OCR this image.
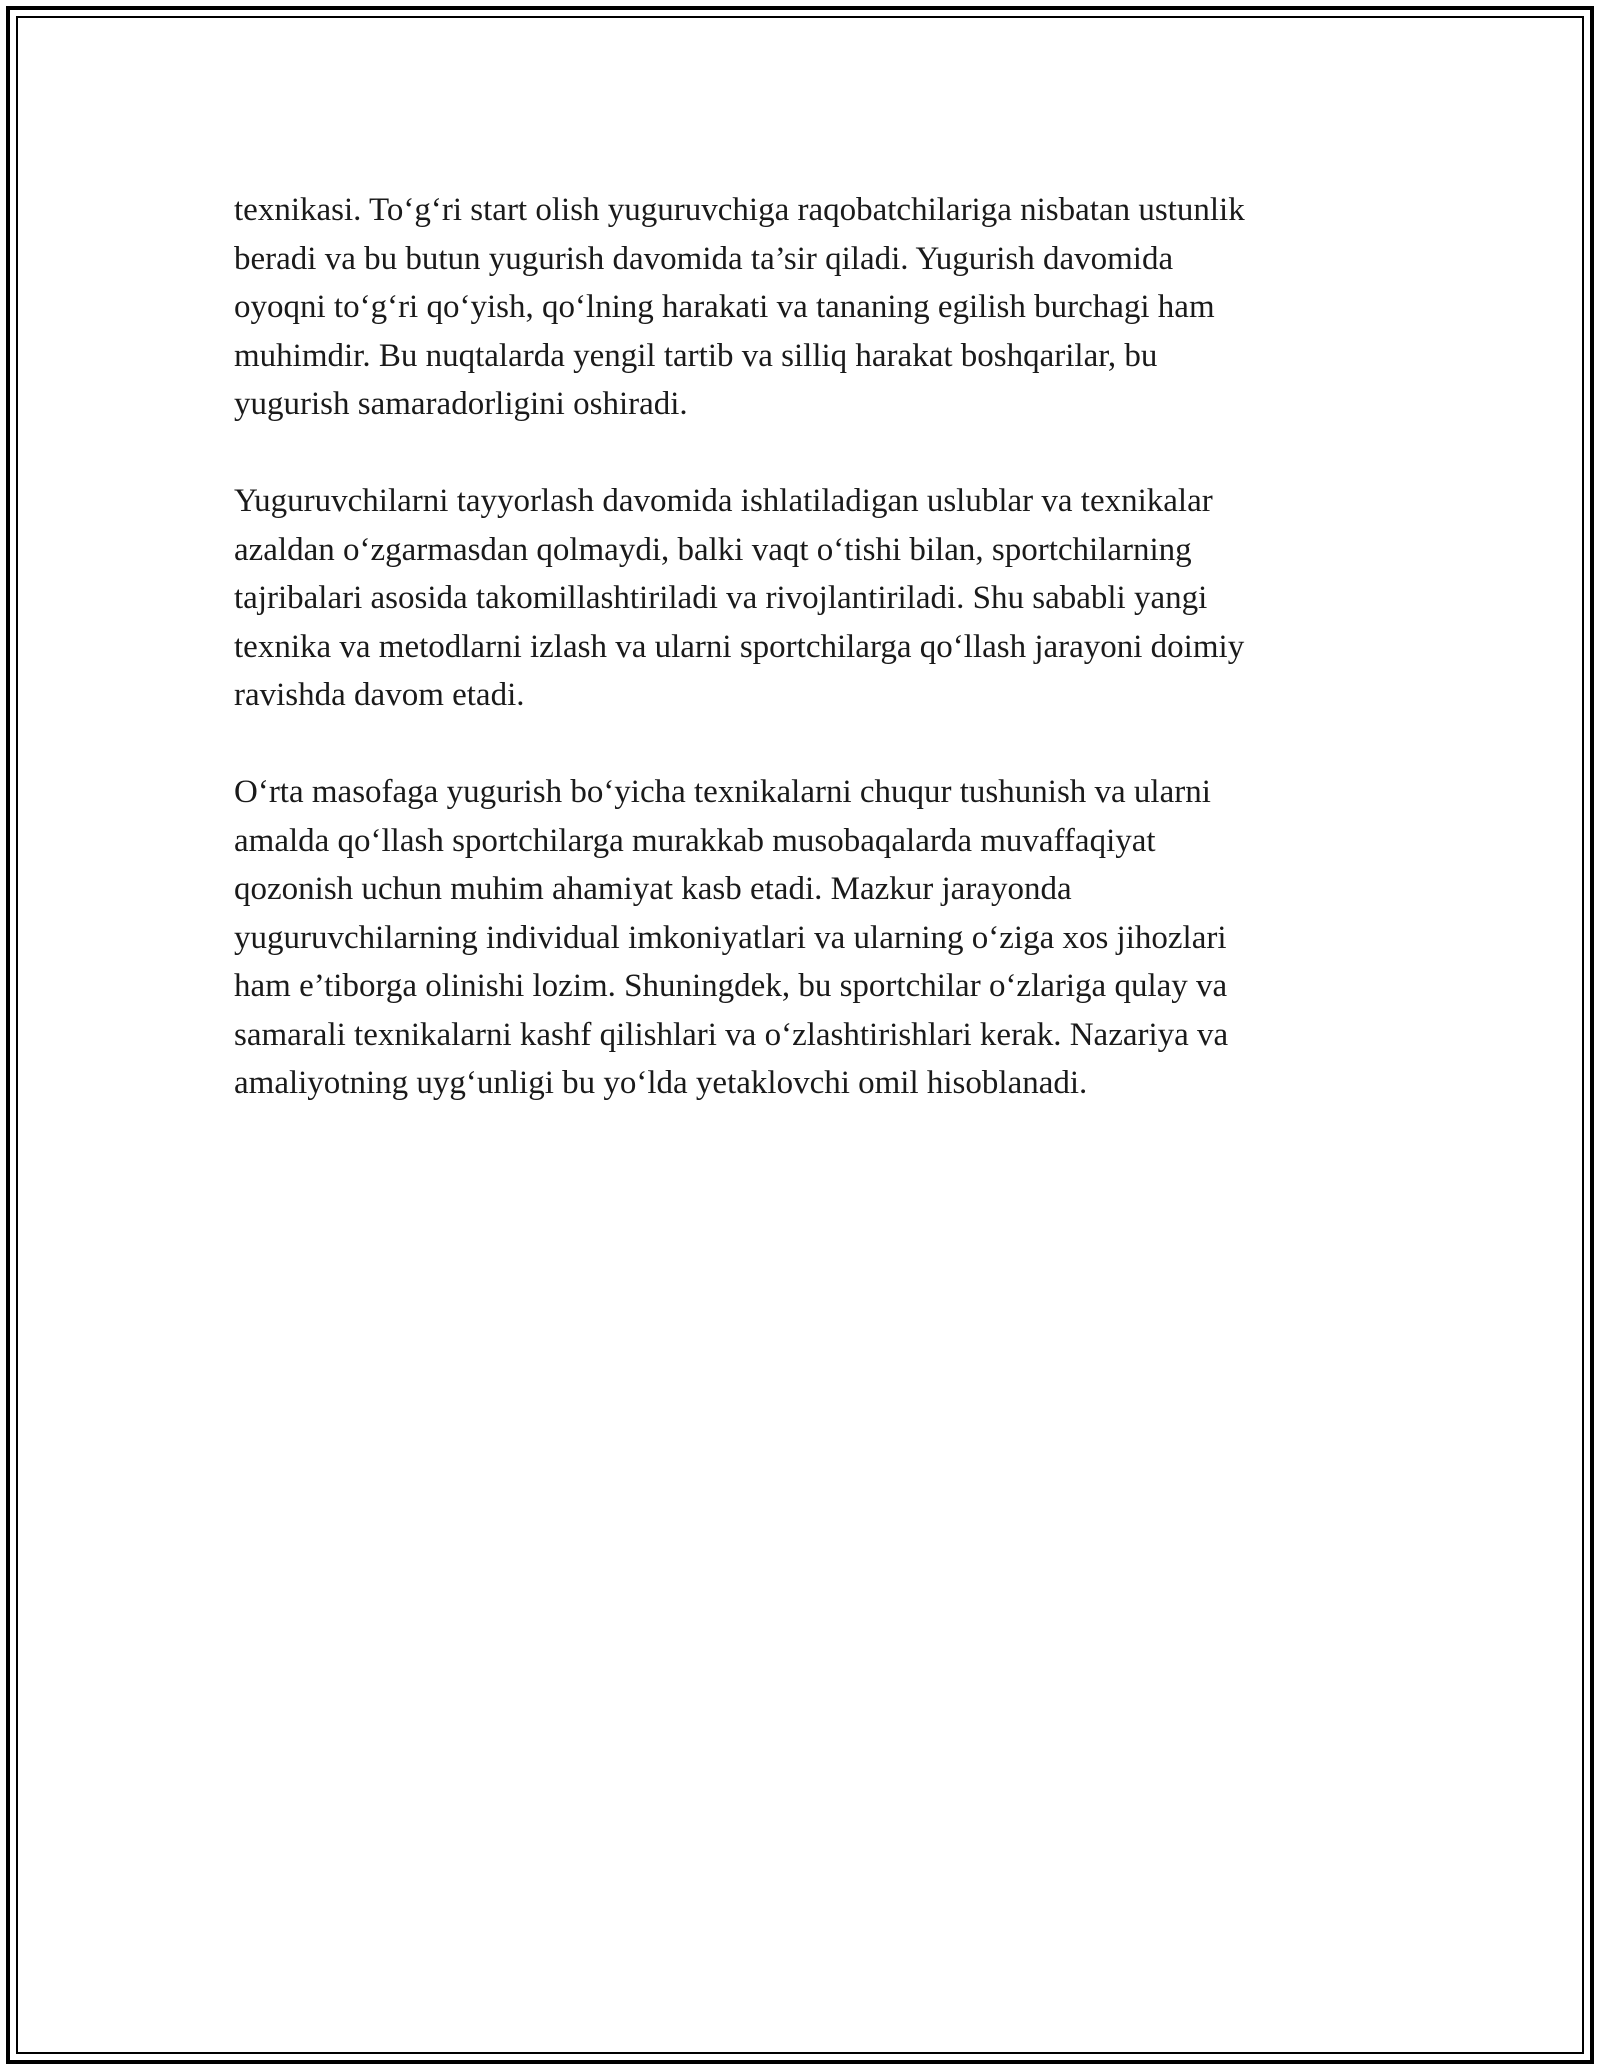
texnikasi. To‘g‘ri start olish yuguruvchiga raqobatchilariga nisbatan ustunlik
beradi va bu butun yugurish davomida ta’sir qiladi. Yugurish davomida
oyoqni to‘g‘ri qo‘yish, qo‘lning harakati va tananing egilish burchagi ham
muhimdir. Bu nuqtalarda yengil tartib va silliq harakat boshqarilar, bu
yugurish samaradorligini oshiradi.

Yuguruvchilarni tayyorlash davomida ishlatiladigan uslublar va texnikalar
azaldan o‘zgarmasdan qolmaydi, balki vaqt o‘tishi bilan, sportchilarning
tajribalari asosida takomillashtiriladi va rivojlantiriladi. Shu sababli yangi
texnika va metodlarni izlash va ularni sportchilarga qo‘llash jarayoni doimiy
ravishda davom etadi.

O‘rta masofaga yugurish bo‘yicha texnikalarni chuqur tushunish va ularni
amalda qo‘llash sportchilarga murakkab musobaqalarda muvaffaqiyat
qozonish uchun muhim ahamiyat kasb etadi. Mazkur jarayonda
yuguruvchilarning individual imkoniyatlari va ularning o‘ziga xos jihozlari
ham e’tiborga olinishi lozim. Shuningdek, bu sportchilar o‘zlariga qulay va
samarali texnikalarni kashf qilishlari va o‘zlashtirishlari kerak. Nazariya va
amaliyotning uyg‘unligi bu yo‘lda yetaklovchi omil hisoblanadi.
